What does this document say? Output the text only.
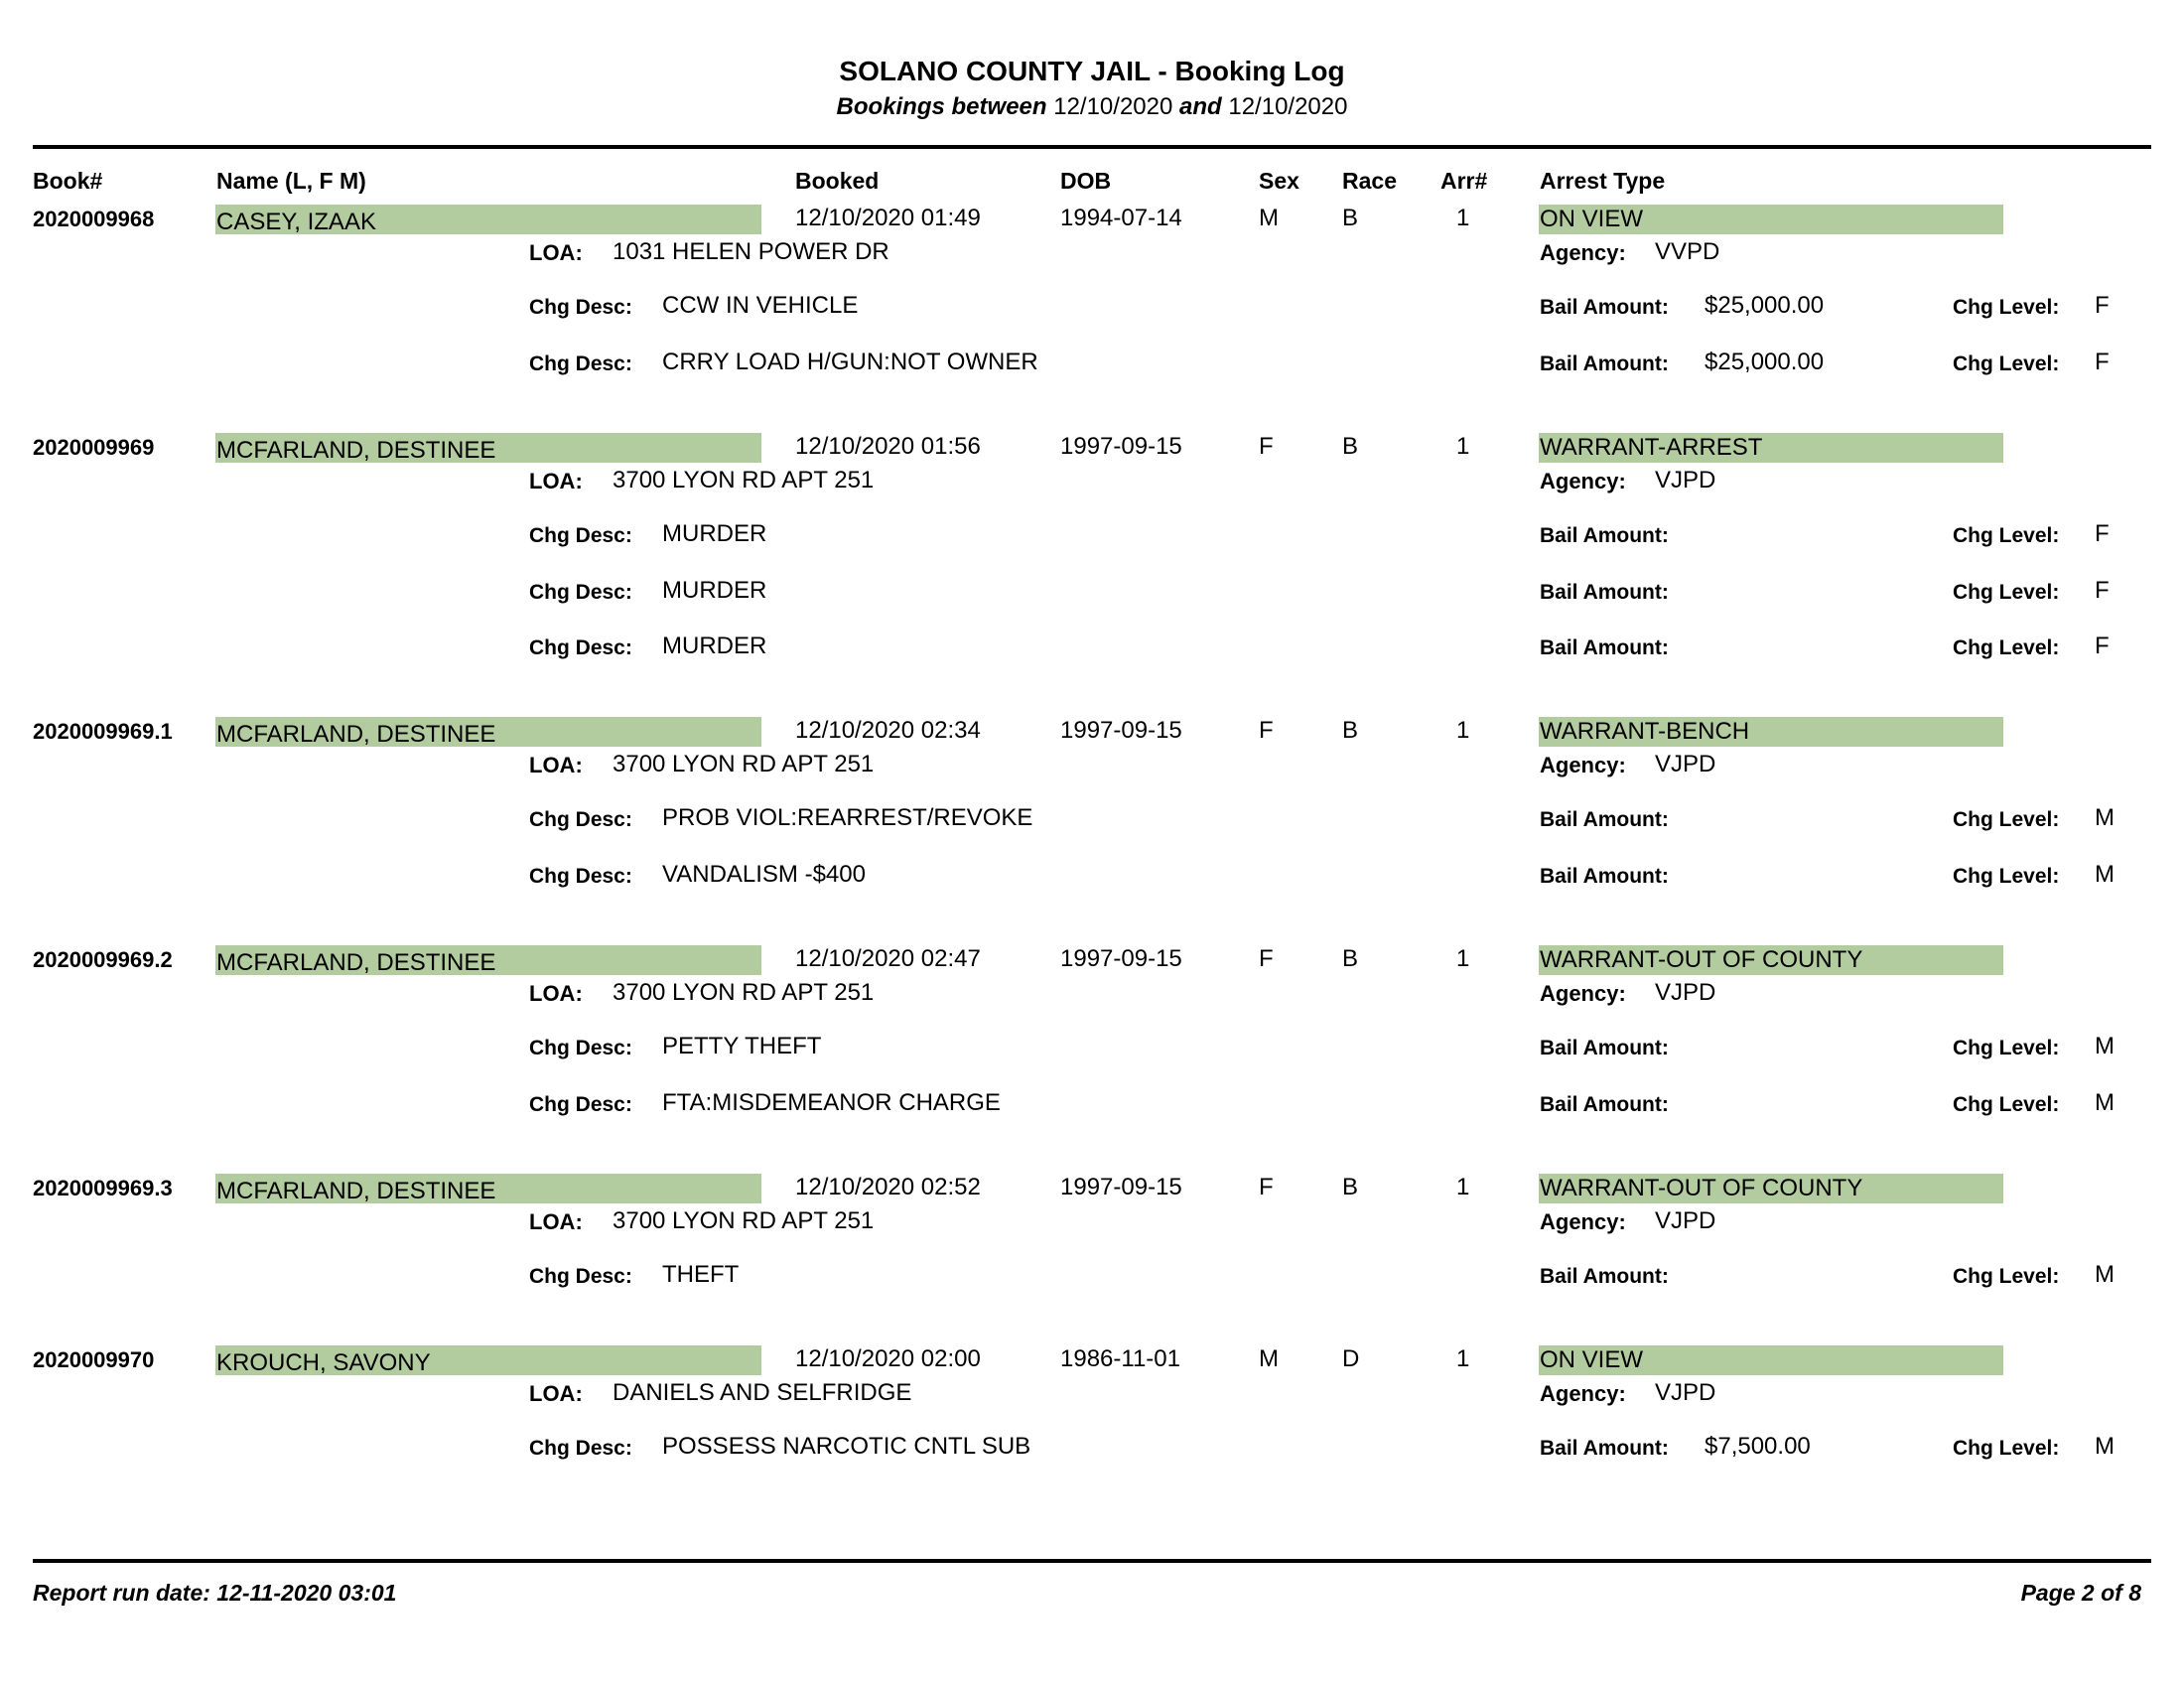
SOLANO COUNTY JAIL - Booking Log
Bookings between 12/10/2020 and 12/10/2020
Book#	Name (L, F M)	Booked	DOB	Sex Race Arr# Arrest Type
2020009968	CASEY, IZAAK	12/10/2020 01:49	1994-07-14	M	B	1	ON VIEW
LOA: 1031 HELEN POWER DR	Agency: VVPD
Chg Desc: CCW IN VEHICLE	Bail Amount: $25,000.00	Chg Level: F
Chg Desc: CRRY LOAD H/GUN:NOT OWNER	Bail Amount: $25,000.00	Chg Level: F
2020009969	MCFARLAND, DESTINEE	12/10/2020 01:56	1997-09-15	F	B	1	WARRANT-ARREST
LOA: 3700 LYON RD APT 251	Agency: VJPD
Chg Desc: MURDER	Bail Amount:	Chg Level: F
Chg Desc: MURDER	Bail Amount:	Chg Level: F
Chg Desc: MURDER	Bail Amount:	Chg Level: F
2020009969.1 MCFARLAND, DESTINEE	12/10/2020 02:34	1997-09-15	F	B	1	WARRANT-BENCH
LOA: 3700 LYON RD APT 251	Agency: VJPD
Chg Desc: PROB VIOL:REARREST/REVOKE	Bail Amount:	Chg Level: M
Chg Desc: VANDALISM -$400	Bail Amount:	Chg Level: M
2020009969.2 MCFARLAND, DESTINEE	12/10/2020 02:47	1997-09-15	F	B	1	WARRANT-OUT OF COUNTY
LOA: 3700 LYON RD APT 251	Agency: VJPD
Chg Desc: PETTY THEFT	Bail Amount:	Chg Level: M
Chg Desc: FTA:MISDEMEANOR CHARGE	Bail Amount:	Chg Level: M
2020009969.3 MCFARLAND, DESTINEE	12/10/2020 02:52	1997-09-15	F	B	1	WARRANT-OUT OF COUNTY
LOA: 3700 LYON RD APT 251	Agency: VJPD
Chg Desc: THEFT	Bail Amount:	Chg Level: M
2020009970	KROUCH, SAVONY	12/10/2020 02:00	1986-11-01	M	D	1	ON VIEW
LOA: DANIELS AND SELFRIDGE	Agency: VJPD
Chg Desc: POSSESS NARCOTIC CNTL SUB	Bail Amount: $7,500.00	Chg Level: M
Report run date: 12-11-2020 03:01	Page 2 of 8
